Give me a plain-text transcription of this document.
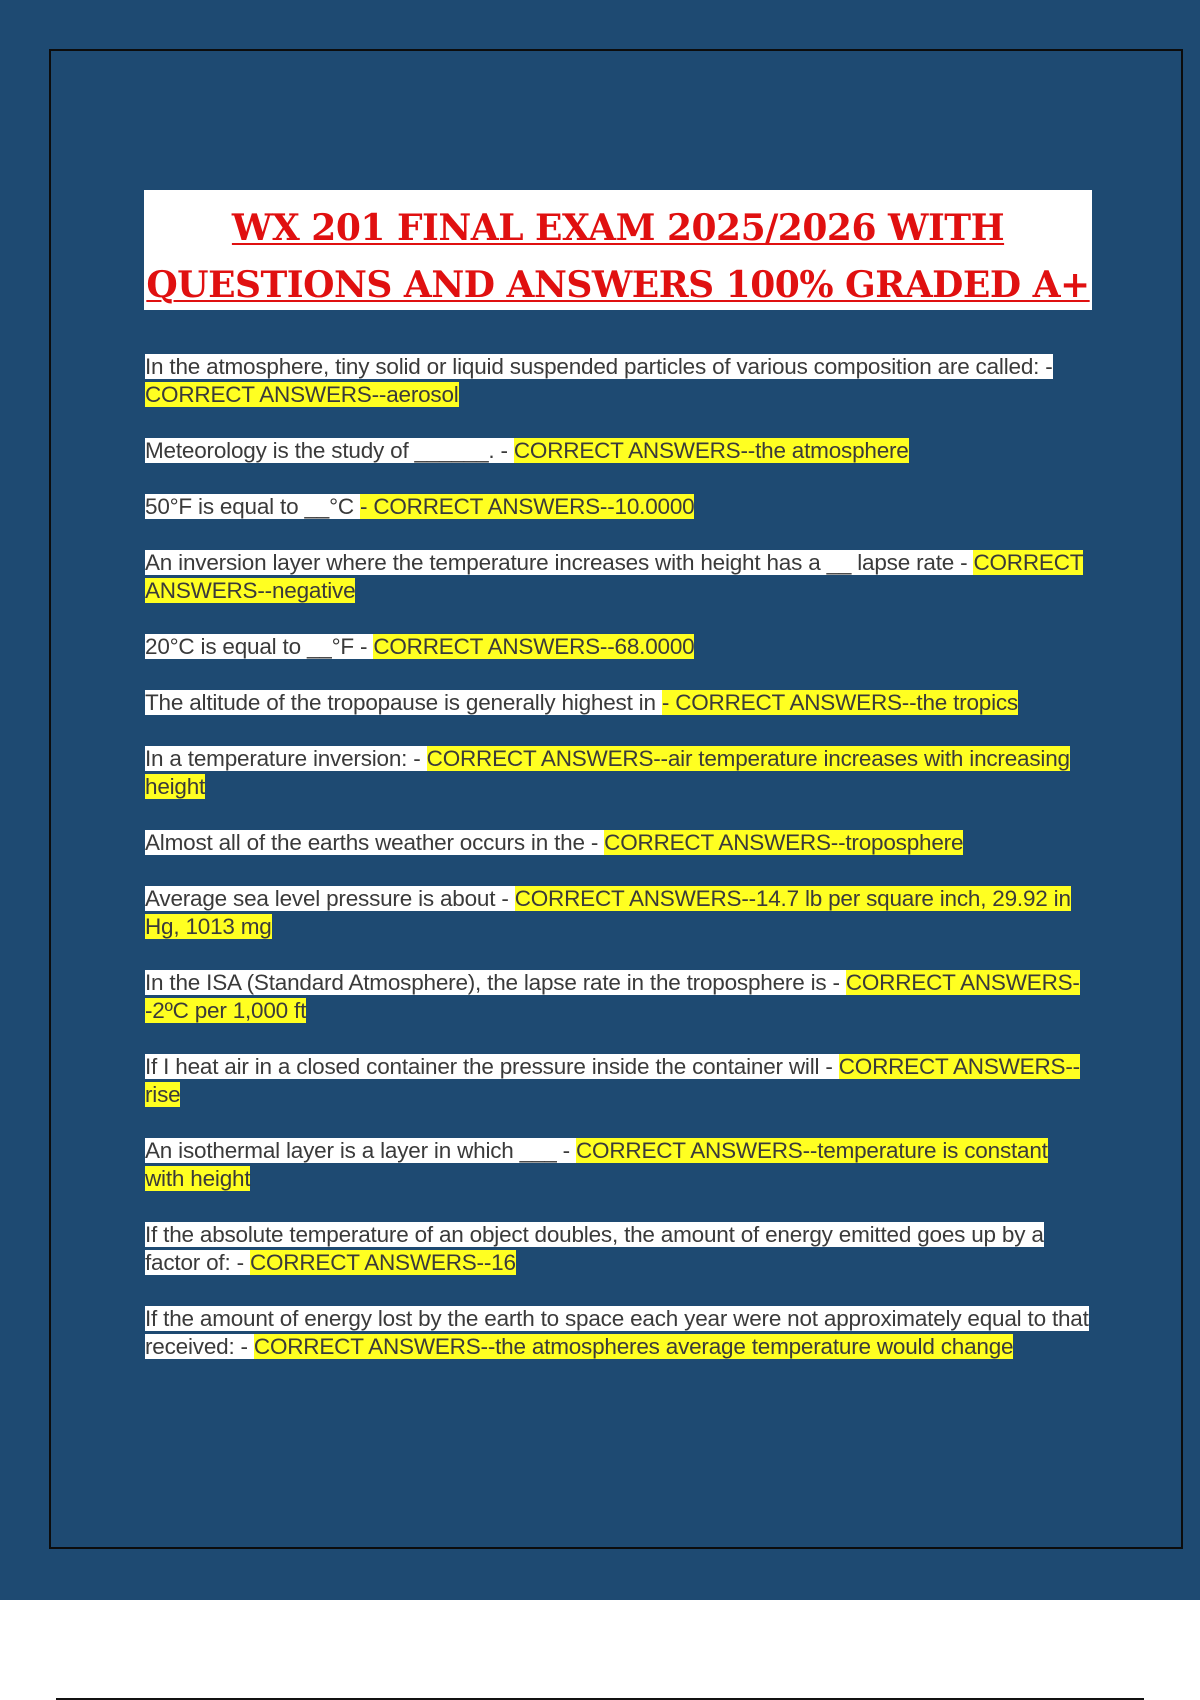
WX 201 FINAL EXAM 2025/2026 WITH
QUESTIONS AND ANSWERS 100% GRADED A+
In the atmosphere, tiny solid or liquid suspended particles of various composition are called: - CORRECT ANSWERS--aerosol
Meteorology is the study of ______. - CORRECT ANSWERS--the atmosphere
50°F is equal to __°C - CORRECT ANSWERS--10.0000
An inversion layer where the temperature increases with height has a __ lapse rate - CORRECT ANSWERS--negative
20°C is equal to __°F - CORRECT ANSWERS--68.0000
The altitude of the tropopause is generally highest in - CORRECT ANSWERS--the tropics
In a temperature inversion: - CORRECT ANSWERS--air temperature increases with increasing height
Almost all of the earths weather occurs in the - CORRECT ANSWERS--troposphere
Average sea level pressure is about - CORRECT ANSWERS--14.7 lb per square inch, 29.92 in Hg, 1013 mg
In the ISA (Standard Atmosphere), the lapse rate in the troposphere is - CORRECT ANSWERS--2ºC per 1,000 ft
If I heat air in a closed container the pressure inside the container will - CORRECT ANSWERS--rise
An isothermal layer is a layer in which ___ - CORRECT ANSWERS--temperature is constant with height
If the absolute temperature of an object doubles, the amount of energy emitted goes up by a factor of: - CORRECT ANSWERS--16
If the amount of energy lost by the earth to space each year were not approximately equal to that received: - CORRECT ANSWERS--the atmospheres average temperature would change
